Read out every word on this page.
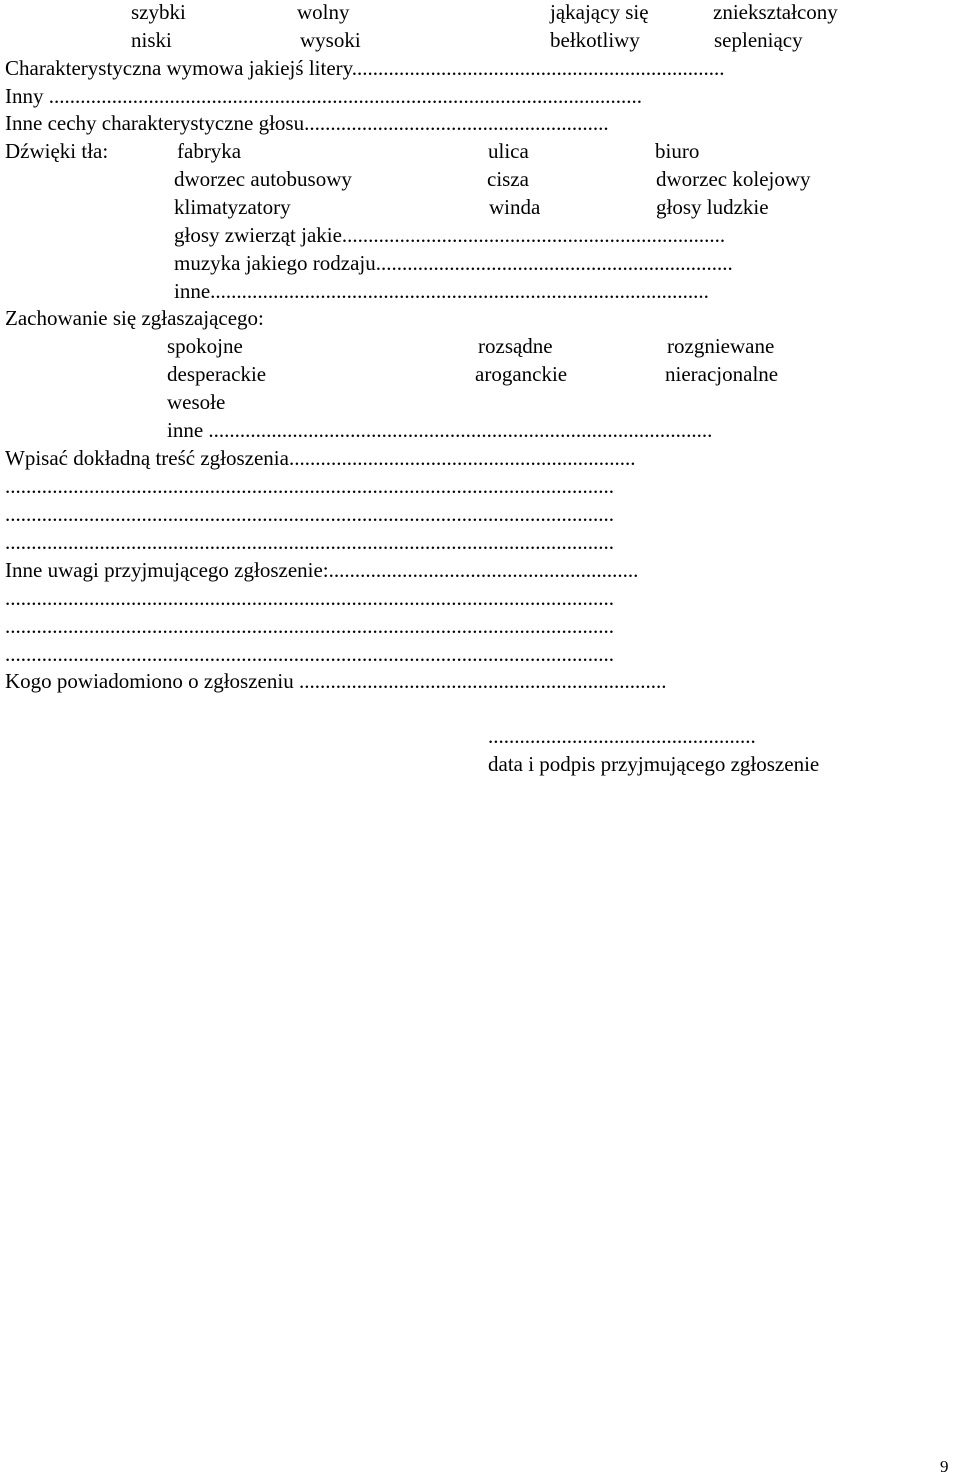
szybki	wolny	jąkający się	zniekształcony
niski	wysoki	bełkotliwy	sepleniący
Charakterystyczna wymowa jakiejś litery.......................................................................
Inny .................................................................................................................
Inne cechy charakterystyczne głosu..........................................................
Dźwięki tła:	fabryka	ulica	biuro
dworzec autobusowy	cisza	dworzec kolejowy
klimatyzatory	winda	głosy ludzkie
głosy zwierząt jakie.........................................................................
muzyka jakiego rodzaju....................................................................
inne...............................................................................................
Zachowanie się zgłaszającego:
spokojne	rozsądne	rozgniewane
desperackie	aroganckie	nieracjonalne
wesołe
inne ................................................................................................
Wpisać dokładną treść zgłoszenia..................................................................
....................................................................................................................
....................................................................................................................
....................................................................................................................
Inne uwagi przyjmującego zgłoszenie:...........................................................
....................................................................................................................
....................................................................................................................
....................................................................................................................
Kogo powiadomiono o zgłoszeniu ......................................................................
...................................................
data i podpis przyjmującego zgłoszenie
9
